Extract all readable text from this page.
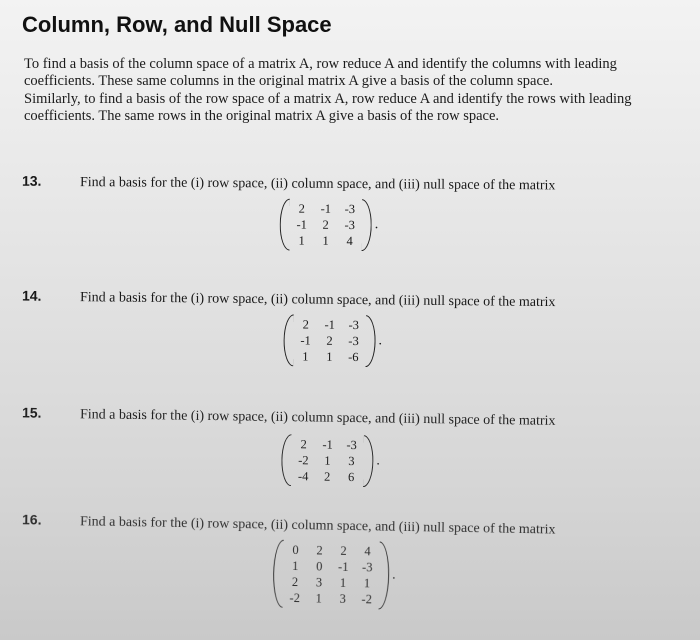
Column, Row, and Null Space

To find a basis of the column space of a matrix A, row reduce A and identify the columns with leading coefficients. These same columns in the original matrix A give a basis of the column space.

Similarly, to find a basis of the row space of a matrix A, row reduce A and identify the rows with leading coefficients. The same rows in the original matrix A give a basis of the row space.

13.	Find a basis for the (i) row space, (ii) column space, and (iii) null space of the matrix
2	-1	-3
-1	2	-3
1	1	4
.
14.	Find a basis for the (i) row space, (ii) column space, and (iii) null space of the matrix
2	-1	-3
-1	2	-3
1	1	-6
.
15.	Find a basis for the (i) row space, (ii) column space, and (iii) null space of the matrix
2	-1	-3
-2	1	3
-4	2	6
.
16.	Find a basis for the (i) row space, (ii) column space, and (iii) null space of the matrix
0	2	2	4
1	0	-1	-3
2	3	1	1
-2	1	3	-2
.
